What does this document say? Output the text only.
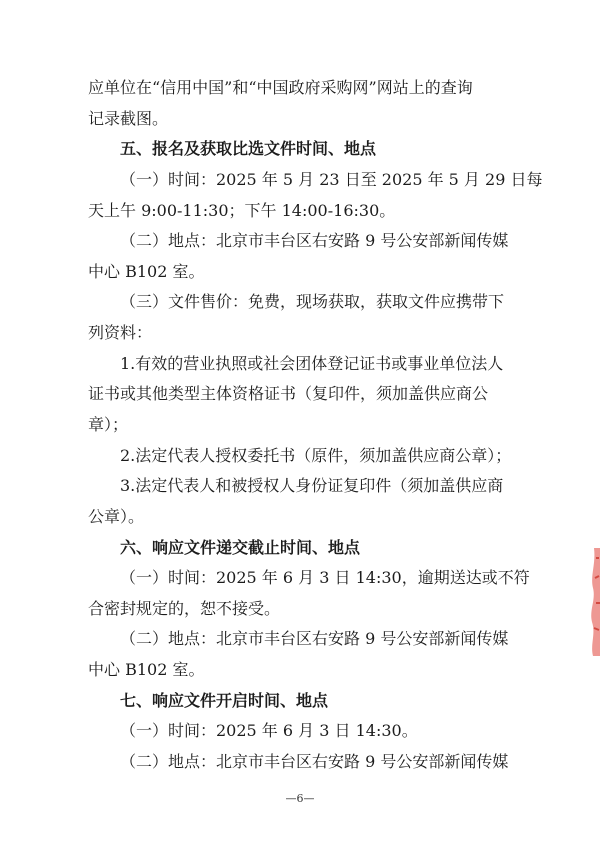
应单位在“信用中国”和“中国政府采购网”网站上的查询
记录截图。
五、报名及获取比选文件时间、地点
（一）时间：2025 年 5 月 23 日至 2025 年 5 月 29 日每
天上午 9:00-11:30；下午 14:00-16:30。
（二）地点：北京市丰台区右安路 9 号公安部新闻传媒
中心 B102 室。
（三）文件售价：免费，现场获取，获取文件应携带下
列资料：
1.有效的营业执照或社会团体登记证书或事业单位法人
证书或其他类型主体资格证书（复印件，须加盖供应商公
章）；
2.法定代表人授权委托书（原件，须加盖供应商公章）；
3.法定代表人和被授权人身份证复印件（须加盖供应商
公章）。
六、响应文件递交截止时间、地点
（一）时间：2025 年 6 月 3 日 14:30，逾期送达或不符
合密封规定的，恕不接受。
（二）地点：北京市丰台区右安路 9 号公安部新闻传媒
中心 B102 室。
七、响应文件开启时间、地点
（一）时间：2025 年 6 月 3 日 14:30。
（二）地点：北京市丰台区右安路 9 号公安部新闻传媒
—6—
